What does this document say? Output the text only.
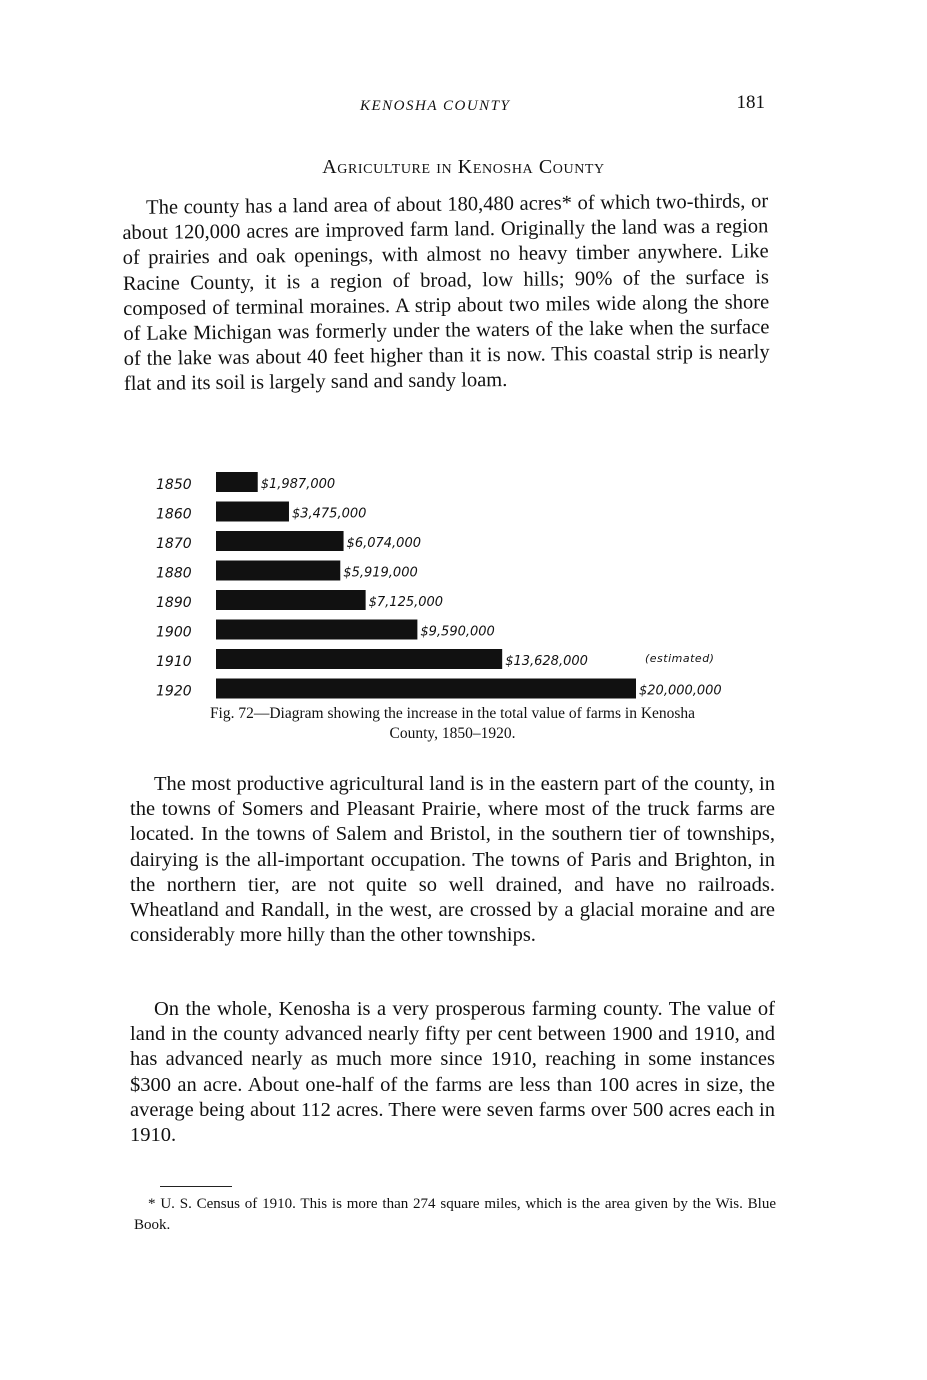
KENOSHA COUNTY	181
Agriculture in Kenosha County

The county has a land area of about 180,480 acres* of which two-thirds, or about 120,000 acres are improved farm land. Originally the land was a region of prairies and oak openings, with almost no heavy timber anywhere. Like Racine County, it is a region of broad, low hills; 90% of the surface is composed of terminal moraines. A strip about two miles wide along the shore of Lake Michigan was formerly under the waters of the lake when the surface of the lake was about 40 feet higher than it is now. This coastal strip is nearly flat and its soil is largely sand and sandy loam.

1850	$1,987,000
1860	$3,475,000
1870	$6,074,000
1880	$5,919,000
1890	$7,125,000
1900	$9,590,000
1910	$13,628,000
1920	$20,000,000
(estimated)
Fig. 72—Diagram showing the increase in the total value of farms in Kenosha
County, 1850–1920.

The most productive agricultural land is in the eastern part of the county, in the towns of Somers and Pleasant Prairie, where most of the truck farms are located. In the towns of Salem and Bristol, in the southern tier of townships, dairying is the all-important occupation. The towns of Paris and Brighton, in the northern tier, are not quite so well drained, and have no railroads. Wheatland and Randall, in the west, are crossed by a glacial moraine and are considerably more hilly than the other townships.

On the whole, Kenosha is a very prosperous farming county. The value of land in the county advanced nearly fifty per cent between 1900 and 1910, and has advanced nearly as much more since 1910, reaching in some instances $300 an acre. About one-half of the farms are less than 100 acres in size, the average being about 112 acres. There were seven farms over 500 acres each in 1910.

* U. S. Census of 1910. This is more than 274 square miles, which is the area given by the Wis. Blue Book.
